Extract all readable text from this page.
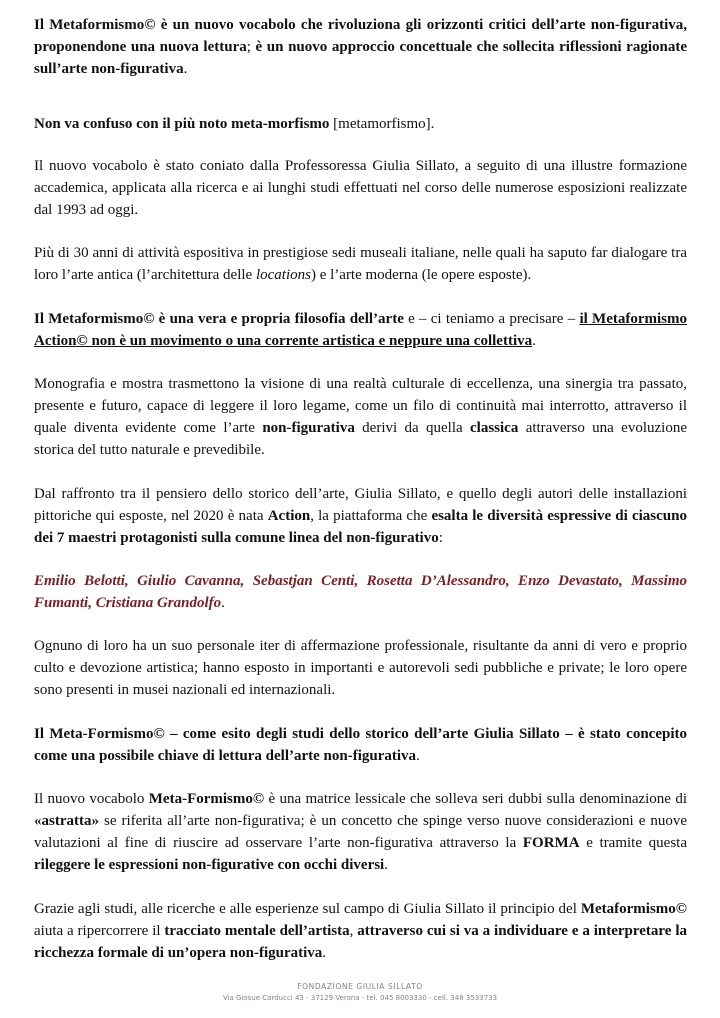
Il Metaformismo© è un nuovo vocabolo che rivoluziona gli orizzonti critici dell’arte non-figurativa, proponendone una nuova lettura; è un nuovo approccio concettuale che sollecita riflessioni ragionate sull’arte non-figurativa.

Non va confuso con il più noto meta-morfismo [metamorfismo].

Il nuovo vocabolo è stato coniato dalla Professoressa Giulia Sillato, a seguito di una illustre formazione accademica, applicata alla ricerca e ai lunghi studi effettuati nel corso delle numerose esposizioni realizzate dal 1993 ad oggi.

Più di 30 anni di attività espositiva in prestigiose sedi museali italiane, nelle quali ha saputo far dialogare tra loro l’arte antica (l’architettura delle locations) e l’arte moderna (le opere esposte).

Il Metaformismo© è una vera e propria filosofia dell’arte e – ci teniamo a precisare – il Metaformismo Action© non è un movimento o una corrente artistica e neppure una collettiva.

Monografia e mostra trasmettono la visione di una realtà culturale di eccellenza, una sinergia tra passato, presente e futuro, capace di leggere il loro legame, come un filo di continuità mai interrotto, attraverso il quale diventa evidente come l’arte non-figurativa derivi da quella classica attraverso una evoluzione storica del tutto naturale e prevedibile.

Dal raffronto tra il pensiero dello storico dell’arte, Giulia Sillato, e quello degli autori delle installazioni pittoriche qui esposte, nel 2020 è nata Action, la piattaforma che esalta le diversità espressive di ciascuno dei 7 maestri protagonisti sulla comune linea del non-figurativo:

Emilio Belotti, Giulio Cavanna, Sebastjan Centi, Rosetta D’Alessandro, Enzo Devastato, Massimo Fumanti, Cristiana Grandolfo.

Ognuno di loro ha un suo personale iter di affermazione professionale, risultante da anni di vero e proprio culto e devozione artistica; hanno esposto in importanti e autorevoli sedi pubbliche e private; le loro opere sono presenti in musei nazionali ed internazionali.

Il Meta-Formismo© – come esito degli studi dello storico dell’arte Giulia Sillato – è stato concepito come una possibile chiave di lettura dell’arte non-figurativa.

Il nuovo vocabolo Meta-Formismo© è una matrice lessicale che solleva seri dubbi sulla denominazione di «astratta» se riferita all’arte non-figurativa; è un concetto che spinge verso nuove considerazioni e nuove valutazioni al fine di riuscire ad osservare l’arte non-figurativa attraverso la FORMA e tramite questa rileggere le espressioni non-figurative con occhi diversi.

Grazie agli studi, alle ricerche e alle esperienze sul campo di Giulia Sillato il principio del Metaformismo© aiuta a ripercorrere il tracciato mentale dell’artista, attraverso cui si va a individuare e a interpretare la ricchezza formale di un’opera non-figurativa.

FONDAZIONE GIULIA SILLATO
Via Giosue Carducci 43 - 37129 Verona - tel. 045 8003330 - cell. 348 3533733
